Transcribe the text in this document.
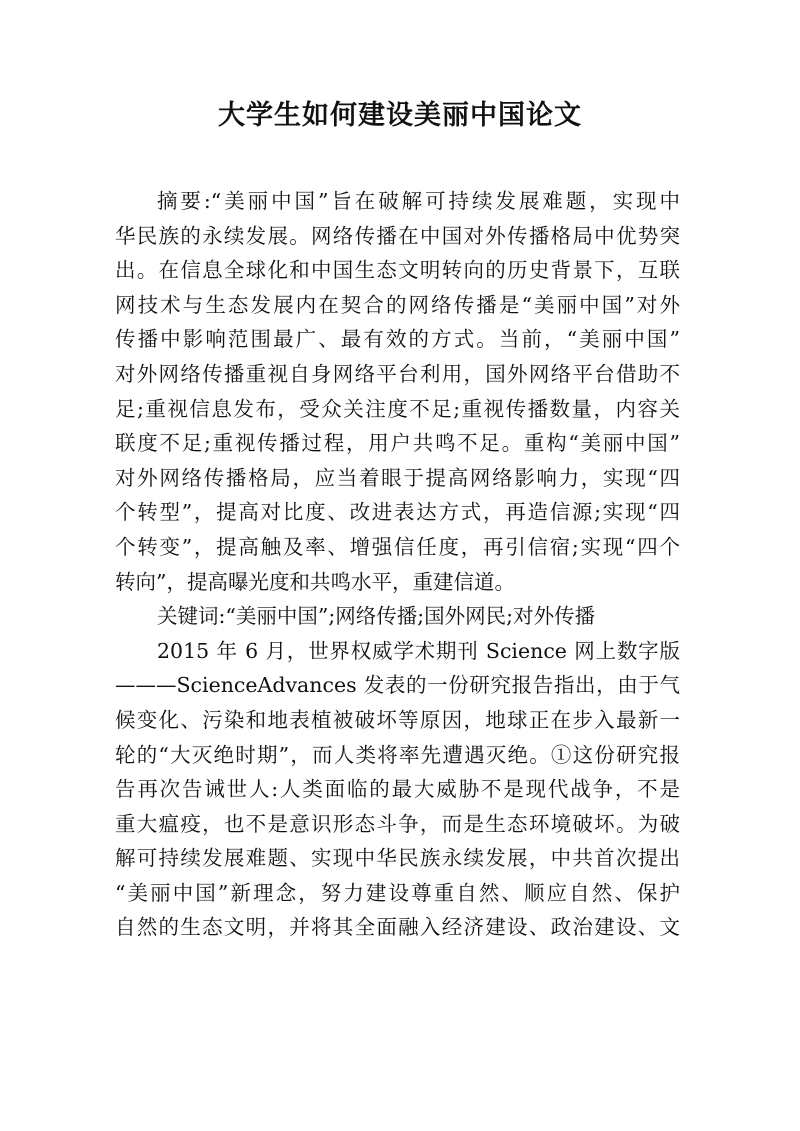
大学生如何建设美丽中国论文
摘要:“美丽中国”旨在破解可持续发展难题，实现中
华民族的永续发展。网络传播在中国对外传播格局中优势突
出。在信息全球化和中国生态文明转向的历史背景下，互联
网技术与生态发展内在契合的网络传播是“美丽中国”对外
传播中影响范围最广、最有效的方式。当前，“美丽中国”
对外网络传播重视自身网络平台利用，国外网络平台借助不
足;重视信息发布，受众关注度不足;重视传播数量，内容关
联度不足;重视传播过程，用户共鸣不足。重构“美丽中国”
对外网络传播格局，应当着眼于提高网络影响力，实现“四
个转型”，提高对比度、改进表达方式，再造信源;实现“四
个转变”，提高触及率、增强信任度，再引信宿;实现“四个
转向”，提高曝光度和共鸣水平，重建信道。
关键词:“美丽中国”;网络传播;国外网民;对外传播
2015 年 6 月，世界权威学术期刊 Science 网上数字版
———ScienceAdvances 发表的一份研究报告指出，由于气
候变化、污染和地表植被破坏等原因，地球正在步入最新一
轮的“大灭绝时期”，而人类将率先遭遇灭绝。①这份研究报
告再次告诫世人:人类面临的最大威胁不是现代战争，不是
重大瘟疫，也不是意识形态斗争，而是生态环境破坏。为破
解可持续发展难题、实现中华民族永续发展，中共首次提出
“美丽中国”新理念，努力建设尊重自然、顺应自然、保护
自然的生态文明，并将其全面融入经济建设、政治建设、文
